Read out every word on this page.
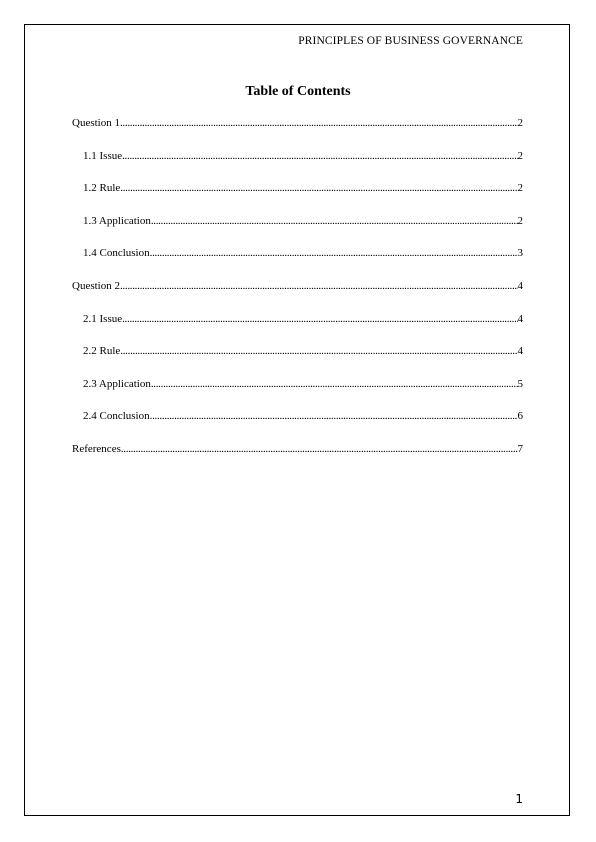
PRINCIPLES OF BUSINESS GOVERNANCE
Table of Contents
Question 1 .....	2
1.1 Issue .....	2
1.2 Rule .....	2
1.3 Application .....	2
1.4 Conclusion .....	3
Question 2 .....	4
2.1 Issue .....	4
2.2 Rule .....	4
2.3 Application .....	5
2.4 Conclusion .....	6
References .....	7
1
